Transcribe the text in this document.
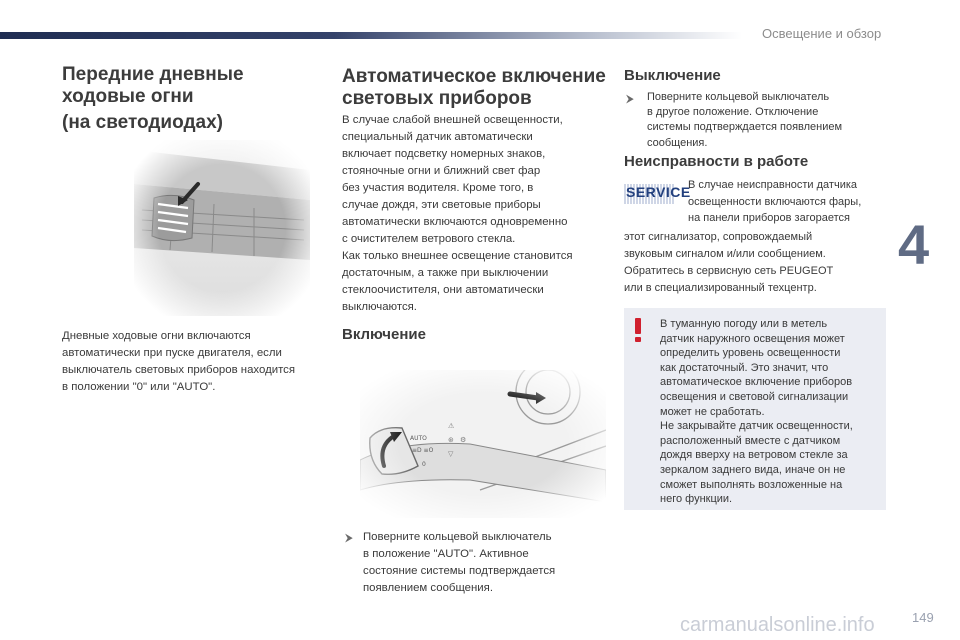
Освещение и обзор
4
carmanualsonline.info	149
Передние дневные
ходовые огни
(на светодиодах)
Дневные ходовые огни включаются
автоматически при пуске двигателя, если
выключатель световых приборов находится
в положении "0" или "AUTO".
Автоматическое включение
световых приборов
В случае слабой внешней освещенности,
специальный датчик автоматически
включает подсветку номерных знаков,
стояночные огни и ближний свет фар
без участия водителя. Кроме того, в
случае дождя, эти световые приборы
автоматически включаются одновременно
с очистителем ветрового стекла.
Как только внешнее освещение становится
достаточным, а также при выключении
стеклоочистителя, они автоматически
выключаются.
Включение
⮞ Поверните кольцевой выключатель
в положение "AUTO". Активное
состояние системы подтверждается
появлением сообщения.
Выключение
⮞ Поверните кольцевой выключатель
в другое положение. Отключение
системы подтверждается появлением
сообщения.
Неисправности в работе
SERVICE
В случае неисправности датчика
освещенности включаются фары,
на панели приборов загорается
этот сигнализатор, сопровождаемый
звуковым сигналом и/или сообщением.
Обратитесь в сервисную сеть PEUGEOT
или в специализированный техцентр.
В туманную погоду или в метель
датчик наружного освещения может
определить уровень освещенности
как достаточный. Это значит, что
автоматическое включение приборов
освещения и световой сигнализации
может не сработать.
Не закрывайте датчик освещенности,
расположенный вместе с датчиком
дождя вверху на ветровом стекле за
зеркалом заднего вида, иначе он не
сможет выполнять возложенные на
него функции.
